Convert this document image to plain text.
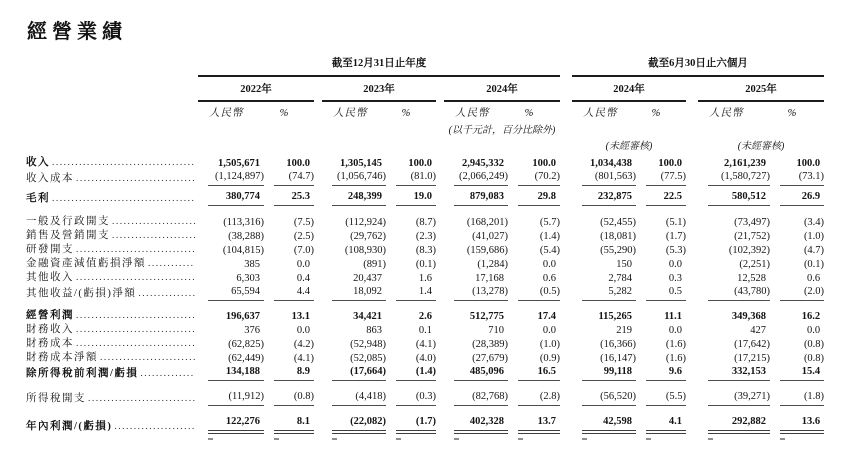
經營業績
	截至12月31日止年度									截至6月30日止六個月				
	2022年			2023年			2024年			2024年			2025年	
	人民幣	%		人民幣	%		人民幣	%		人民幣	%		人民幣	%
							(以千元計，百分比除外)							
										(未經審核)			(未經審核)	

收入
.....	1,505,671	100.0		1,305,145	100.0		2,945,332	100.0		1,034,438	100.0		2,161,239	100.0

收入成本
.....	(1,124,897)	(74.7)		(1,056,746)	(81.0)		(2,066,249)	(70.2)		(801,563)	(77.5)		(1,580,727)	(73.1)

毛利
.....	380,774	25.3		248,399	19.0		879,083	29.8		232,875	22.5		580,512	26.9

一般及行政開支
.....	(113,316)	(7.5)		(112,924)	(8.7)		(168,201)	(5.7)		(52,455)	(5.1)		(73,497)	(3.4)

銷售及營銷開支
.....	(38,288)	(2.5)		(29,762)	(2.3)		(41,027)	(1.4)		(18,081)	(1.7)		(21,752)	(1.0)

研發開支
.....	(104,815)	(7.0)		(108,930)	(8.3)		(159,686)	(5.4)		(55,290)	(5.3)		(102,392)	(4.7)

金融資產減值虧損淨額
.....	385	0.0		(891)	(0.1)		(1,284)	0.0		150	0.0		(2,251)	(0.1)

其他收入
.....	6,303	0.4		20,437	1.6		17,168	0.6		2,784	0.3		12,528	0.6

其他收益/(虧損)淨額
.....	65,594	4.4		18,092	1.4		(13,278)	(0.5)		5,282	0.5		(43,780)	(2.0)

經營利潤
.....	196,637	13.1		34,421	2.6		512,775	17.4		115,265	11.1		349,368	16.2

財務收入
.....	376	0.0		863	0.1		710	0.0		219	0.0		427	0.0

財務成本
.....	(62,825)	(4.2)		(52,948)	(4.1)		(28,389)	(1.0)		(16,366)	(1.6)		(17,642)	(0.8)

財務成本淨額
.....	(62,449)	(4.1)		(52,085)	(4.0)		(27,679)	(0.9)		(16,147)	(1.6)		(17,215)	(0.8)

除所得稅前利潤/虧損
.....	134,188	8.9		(17,664)	(1.4)		485,096	16.5		99,118	9.6		332,153	15.4

所得稅開支
.....	(11,912)	(0.8)		(4,418)	(0.3)		(82,768)	(2.8)		(56,520)	(5.5)		(39,271)	(1.8)

年內利潤/(虧損)
.....	122,276	8.1		(22,082)	(1.7)		402,328	13.7		42,598	4.1		292,882	13.6
